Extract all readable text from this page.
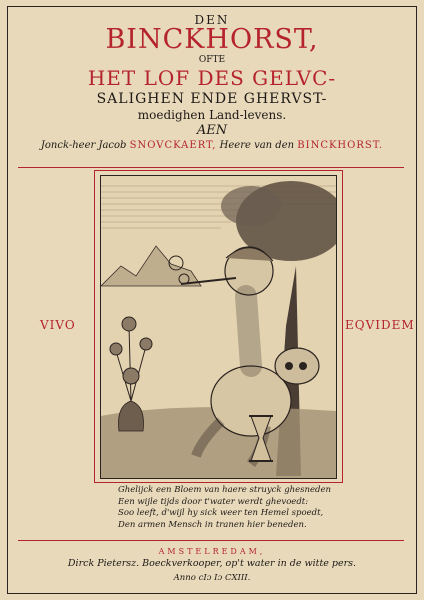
DEN
BINCKHORST,
OFTE
HET LOF DES GELVC-
SALIGHEN ENDE GHERVST-
moedighen Land-levens.
AEN
Jonck-heer Jacob SNOVCKAERT, Heere van den BINCKHORST.
VIVO	EQVIDEM
Ghelijck een Bloem van haere struyck ghesneden
Een wijle tijds door t'water werdt ghevoedt:
Soo leeft, d'wijl hy sick weer ten Hemel spoedt,
Den armen Mensch in tranen hier beneden.
AMSTELREDAM,
Dirck Pietersz. Boeckverkooper, op't water in de witte pers.
Anno cIɔ Iɔ CXIII.
